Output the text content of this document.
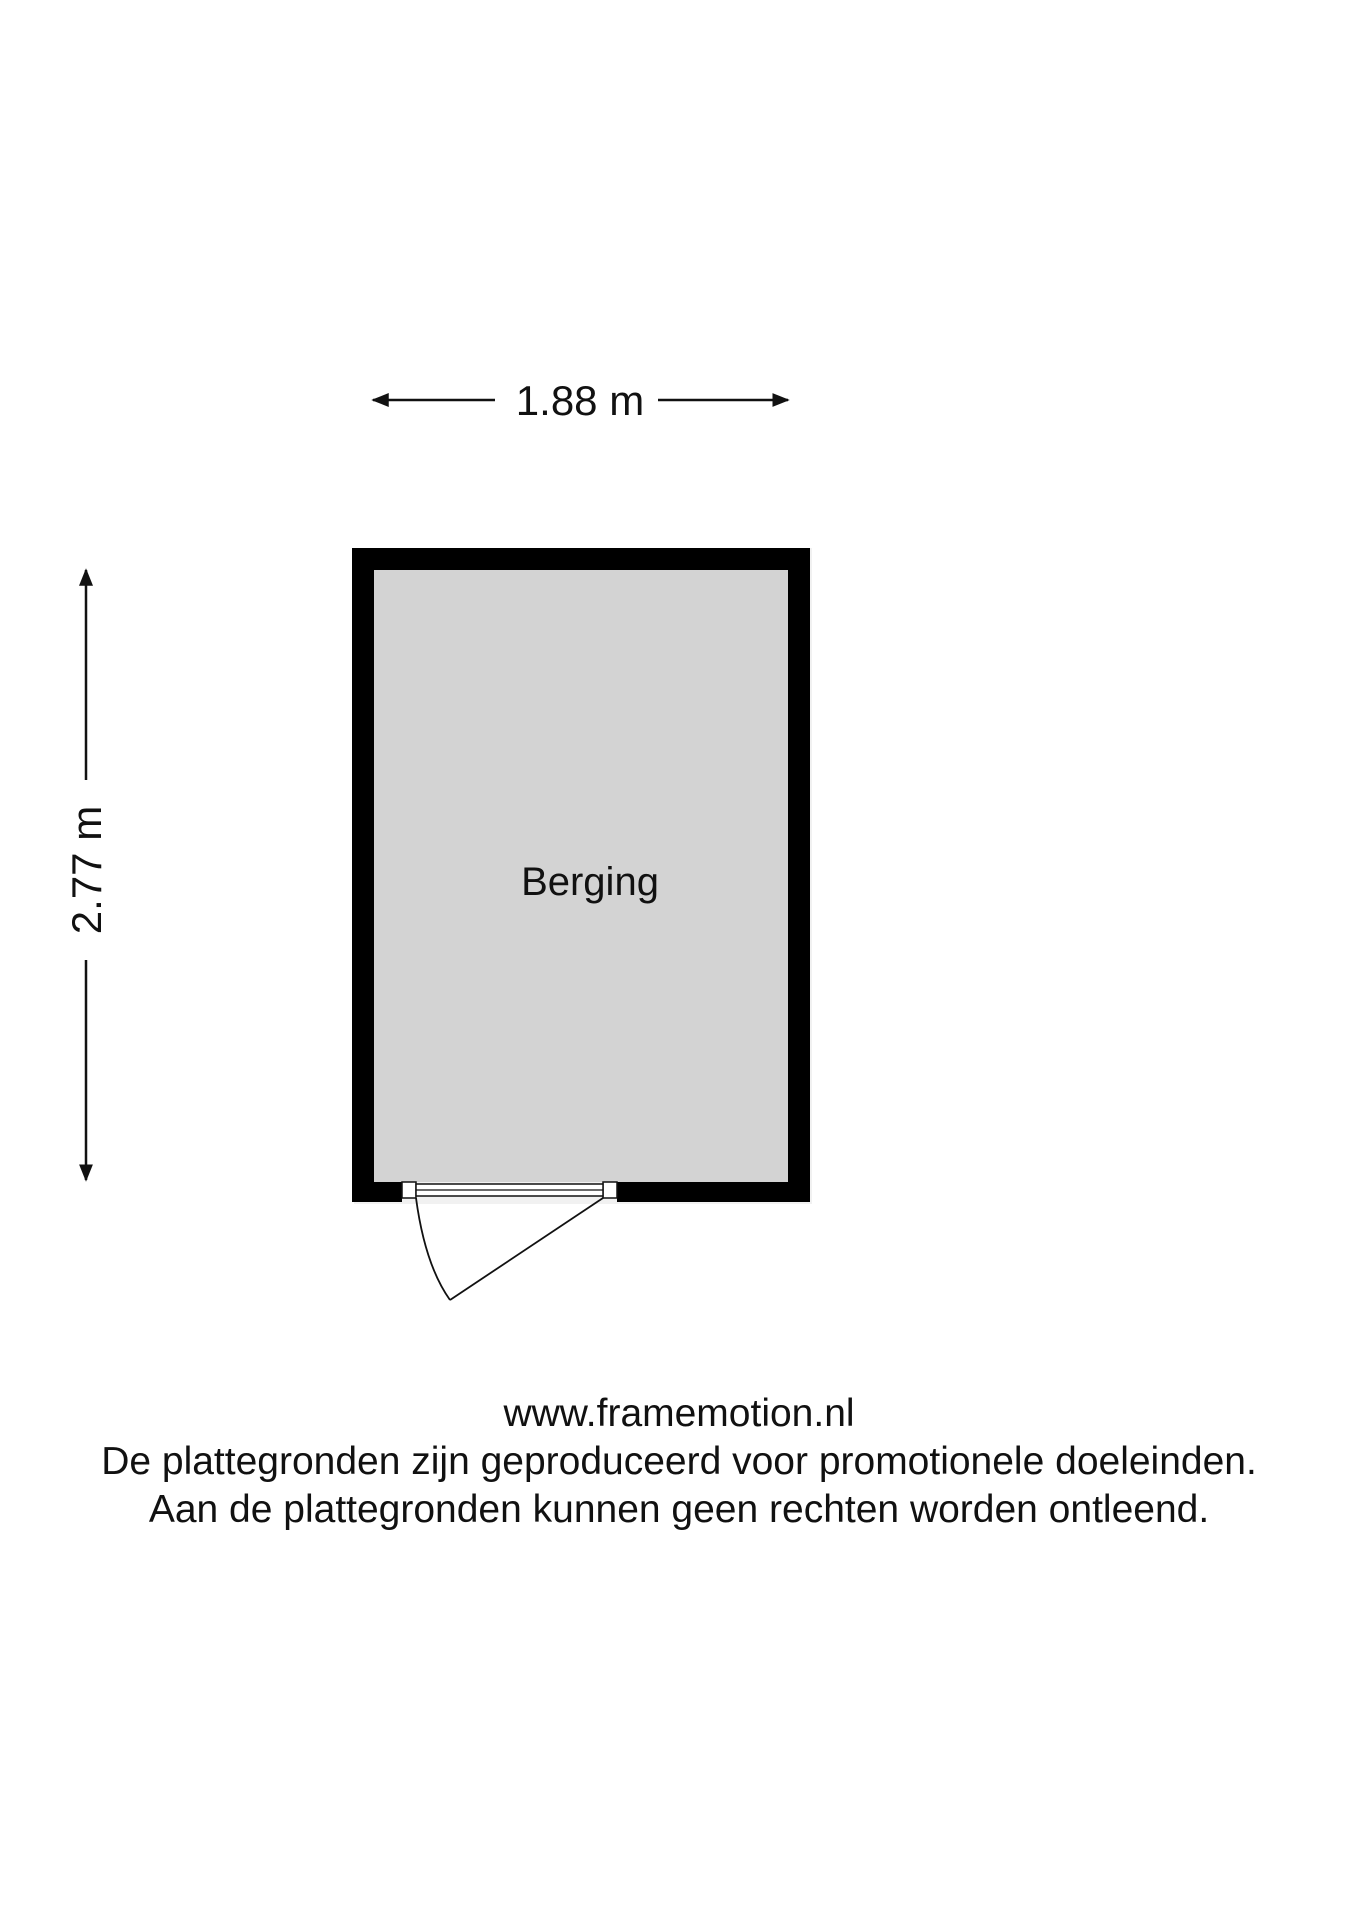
1.88 m
2.77 m	Berging
www.framemotion.nl
De plattegronden zijn geproduceerd voor promotionele doeleinden.
Aan de plattegronden kunnen geen rechten worden ontleend.
